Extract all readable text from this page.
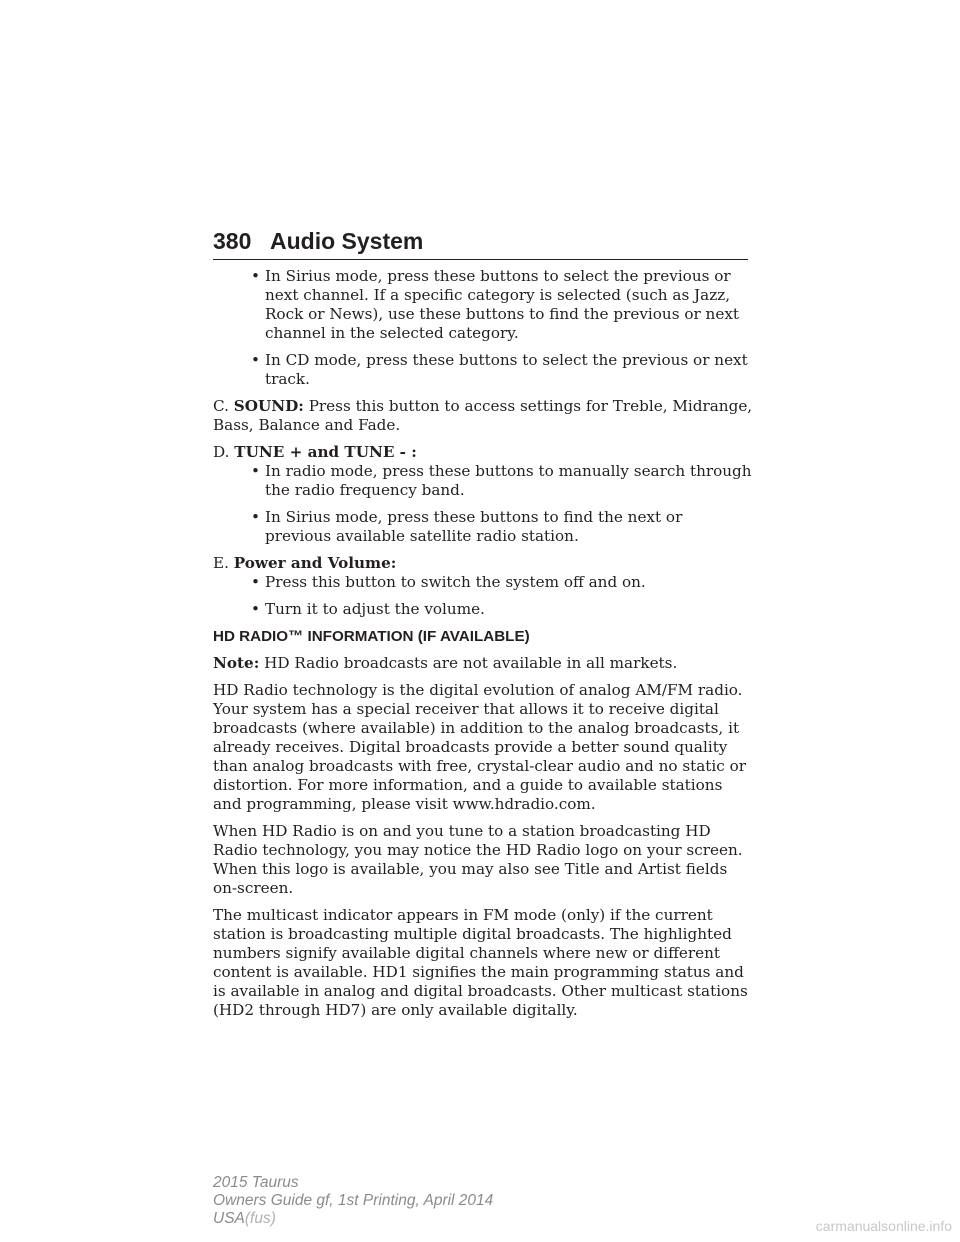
380 Audio System

• In Sirius mode, press these buttons to select the previous or next channel. If a specific category is selected (such as Jazz, Rock or News), use these buttons to find the previous or next channel in the selected category.

• In CD mode, press these buttons to select the previous or next track.

C. SOUND: Press this button to access settings for Treble, Midrange, Bass, Balance and Fade.

D. TUNE + and TUNE - :

• In radio mode, press these buttons to manually search through the radio frequency band.

• In Sirius mode, press these buttons to find the next or previous available satellite radio station.

E. Power and Volume:

• Press this button to switch the system off and on.

• Turn it to adjust the volume.

HD RADIO™ INFORMATION (IF AVAILABLE)

Note: HD Radio broadcasts are not available in all markets.

HD Radio technology is the digital evolution of analog AM/FM radio. Your system has a special receiver that allows it to receive digital broadcasts (where available) in addition to the analog broadcasts, it already receives. Digital broadcasts provide a better sound quality than analog broadcasts with free, crystal-clear audio and no static or distortion. For more information, and a guide to available stations and programming, please visit www.hdradio.com.

When HD Radio is on and you tune to a station broadcasting HD Radio technology, you may notice the HD Radio logo on your screen. When this logo is available, you may also see Title and Artist fields on-screen.

The multicast indicator appears in FM mode (only) if the current station is broadcasting multiple digital broadcasts. The highlighted numbers signify available digital channels where new or different content is available. HD1 signifies the main programming status and is available in analog and digital broadcasts. Other multicast stations (HD2 through HD7) are only available digitally.

2015 Taurus
Owners Guide gf, 1st Printing, April 2014
USA(fus)	carmanualsonline.info
